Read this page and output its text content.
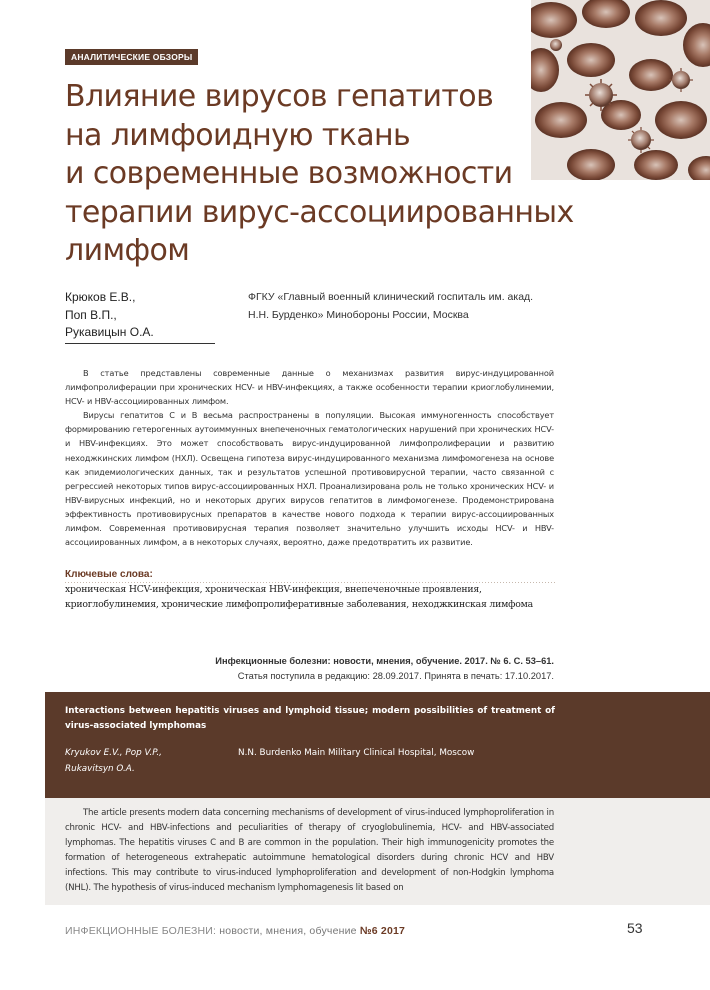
АНАЛИТИЧЕСКИЕ ОБЗОРЫ
Влияние вирусов гепатитов
на лимфоидную ткань
и современные возможности
терапии вирус-ассоциированных
лимфом
Крюков Е.В.,
Поп В.П.,
Рукавицын О.А.
ФГКУ «Главный военный клинический госпиталь им. акад.
Н.Н. Бурденко» Минобороны России, Москва

В статье представлены современные данные о механизмах развития вирус-индуцированной лимфопролиферации при хронических HCV- и HBV-инфекциях, а также особенности терапии криоглобулинемии, HCV- и HBV-ассоциированных лимфом.

Вирусы гепатитов С и В весьма распространены в популяции. Высокая иммуногенность способствует формированию гетерогенных аутоиммунных внепеченочных гематологических нарушений при хронических HCV- и HBV-инфекциях. Это может способствовать вирус-индуцированной лимфопролиферации и развитию неходжкинских лимфом (НХЛ). Освещена гипотеза вирус-индуцированного механизма лимфомогенеза на основе как эпидемиологических данных, так и результатов успешной противовирусной терапии, часто связанной с регрессией некоторых типов вирус-ассоциированных НХЛ. Проанализирована роль не только хронических HCV- и HBV-вирусных инфекций, но и некоторых других вирусов гепатитов в лимфомогенезе. Продемонстрирована эффективность противовирусных препаратов в качестве нового подхода к терапии вирус-ассоциированных лимфом. Современная противовирусная терапия позволяет значительно улучшить исходы HCV- и HBV-ассоциированных лимфом, а в некоторых случаях, вероятно, даже предотвратить их развитие.

Ключевые слова:
хроническая HCV-инфекция, хроническая HBV-инфекция, внепеченочные проявления, криоглобулинемия, хронические лимфопролиферативные заболевания, неходжкинская лимфома
Инфекционные болезни: новости, мнения, обучение. 2017. № 6. С. 53–61.
Статья поступила в редакцию: 28.09.2017. Принята в печать: 17.10.2017.
Interactions between hepatitis viruses and lymphoid tissue; modern possibilities of treatment of virus-associated lymphomas
Kryukov E.V., Pop V.P.,
Rukavitsyn O.A.
N.N. Burdenko Main Military Clinical Hospital, Moscow

The article presents modern data concerning mechanisms of development of virus-induced lymphoproliferation in chronic HCV- and HBV-infections and peculiarities of therapy of cryoglobulinemia, HCV- and HBV-associated lymphomas. The hepatitis viruses C and B are common in the population. Their high immunogenicity promotes the formation of heterogeneous extrahepatic autoimmune hematological disorders during chronic HCV and HBV infections. This may contribute to virus-induced lymphoproliferation and development of non-Hodgkin lymphoma (NHL). The hypothesis of virus-induced mechanism lymphomagenesis lit based on

ИНФЕКЦИОННЫЕ БОЛЕЗНИ: новости, мнения, обучение №6 2017	53
